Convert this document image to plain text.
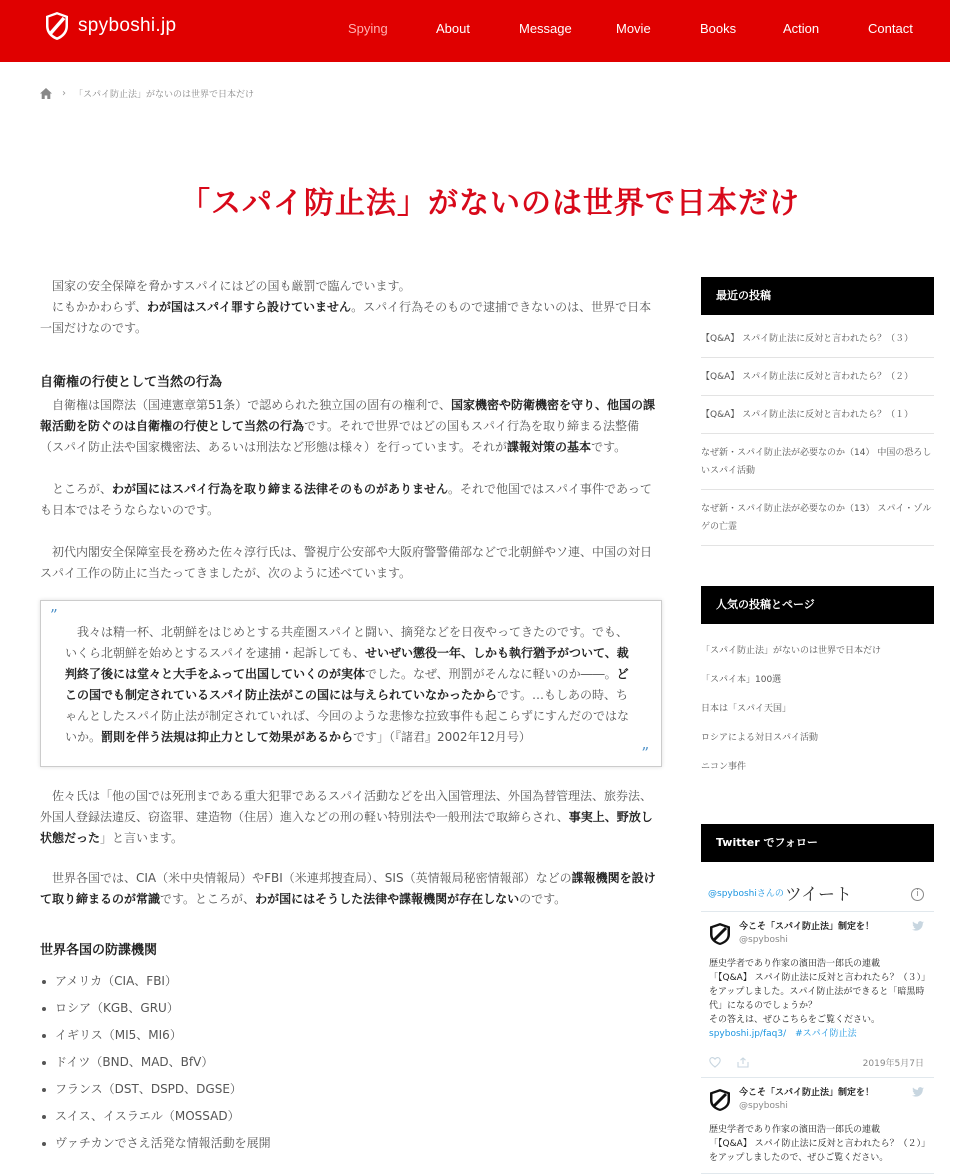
spyboshi.jp	Spying	About	Message	Movie	Books	Action	Contact
› 「スパイ防止法」がないのは世界で日本だけ
「スパイ防止法」がないのは世界で日本だけ

国家の安全保障を脅かすスパイにはどの国も厳罰で臨んでいます。

にもかかわらず、わが国はスパイ罪すら設けていません。スパイ行為そのもので逮捕できないのは、世界で日本一国だけなのです。

自衛権の行使として当然の行為

自衛権は国際法（国連憲章第51条）で認められた独立国の固有の権利で、国家機密や防衛機密を守り、他国の課報活動を防ぐのは自衛権の行使として当然の行為です。それで世界ではどの国もスパイ行為を取り締まる法整備（スパイ防止法や国家機密法、あるいは刑法など形態は様々）を行っています。それが諜報対策の基本です。

ところが、わが国にはスパイ行為を取り締まる法律そのものがありません。それで他国ではスパイ事件であっても日本ではそうならないのです。

初代内閣安全保障室長を務めた佐々淳行氏は、警視庁公安部や大阪府警警備部などで北朝鮮やソ連、中国の対日スパイ工作の防止に当たってきましたが、次のように述べています。

”

我々は精一杯、北朝鮮をはじめとする共産圏スパイと闘い、摘発などを日夜やってきたのです。でも、いくら北朝鮮を始めとするスパイを逮捕・起訴しても、せいぜい懲役一年、しかも執行猶予がついて、裁判終了後には堂々と大手をふって出国していくのが実体でした。なぜ、刑罰がそんなに軽いのか――。どこの国でも制定されているスパイ防止法がこの国には与えられていなかったからです。…もしあの時、ちゃんとしたスパイ防止法が制定されていれば、今回のような悲惨な拉致事件も起こらずにすんだのではないか。罰則を伴う法規は抑止力として効果があるからです」（『諸君』2002年12月号）

”

佐々氏は「他の国では死刑まである重大犯罪であるスパイ活動などを出入国管理法、外国為替管理法、旅券法、外国人登録法違反、窃盗罪、建造物（住居）進入などの刑の軽い特別法や一般刑法で取締らされ、事実上、野放し状態だった」と言います。

世界各国では、CIA（米中央情報局）やFBI（米連邦捜査局）、SIS（英情報局秘密情報部）などの諜報機関を設けて取り締まるのが常識です。ところが、わが国にはそうした法律や諜報機関が存在しないのです。

世界各国の防諜機関
アメリカ（CIA、FBI）
ロシア（KGB、GRU）
イギリス（MI5、MI6）
ドイツ（BND、MAD、BfV）
フランス（DST、DSPD、DGSE）
スイス、イスラエル（MOSSAD）
ヴァチカンでさえ活発な情報活動を展開
最近の投稿
【Q&A】 スパイ防止法に反対と言われたら？（３）
【Q&A】 スパイ防止法に反対と言われたら？（２）
【Q&A】 スパイ防止法に反対と言われたら？（１）
なぜ新・スパイ防止法が必要なのか（14） 中国の恐ろしいスパイ活動
なぜ新・スパイ防止法が必要なのか（13） スパイ・ゾルゲの亡霊
人気の投稿とページ
「スパイ防止法」がないのは世界で日本だけ
「スパイ本」100選
日本は「スパイ天国」
ロシアによる対日スパイ活動
ニコン事件
Twitter でフォロー
@spyboshiさんの ツイート	i
今こそ「スパイ防止法」制定を！
@spyboshi
歴史学者であり作家の濱田浩一郎氏の連載
「【Q&A】 スパイ防止法に反対と言われたら？（３）」をアップしました。スパイ防止法ができると「暗黒時代」になるのでしょうか？
その答えは、ぜひこちらをご覧ください。
spyboshi.jp/faq3/　#スパイ防止法
2019年5月7日
今こそ「スパイ防止法」制定を！
@spyboshi
歴史学者であり作家の濱田浩一郎氏の連載
「【Q&A】 スパイ防止法に反対と言われたら？（２）」をアップしましたので、ぜひご覧ください。
